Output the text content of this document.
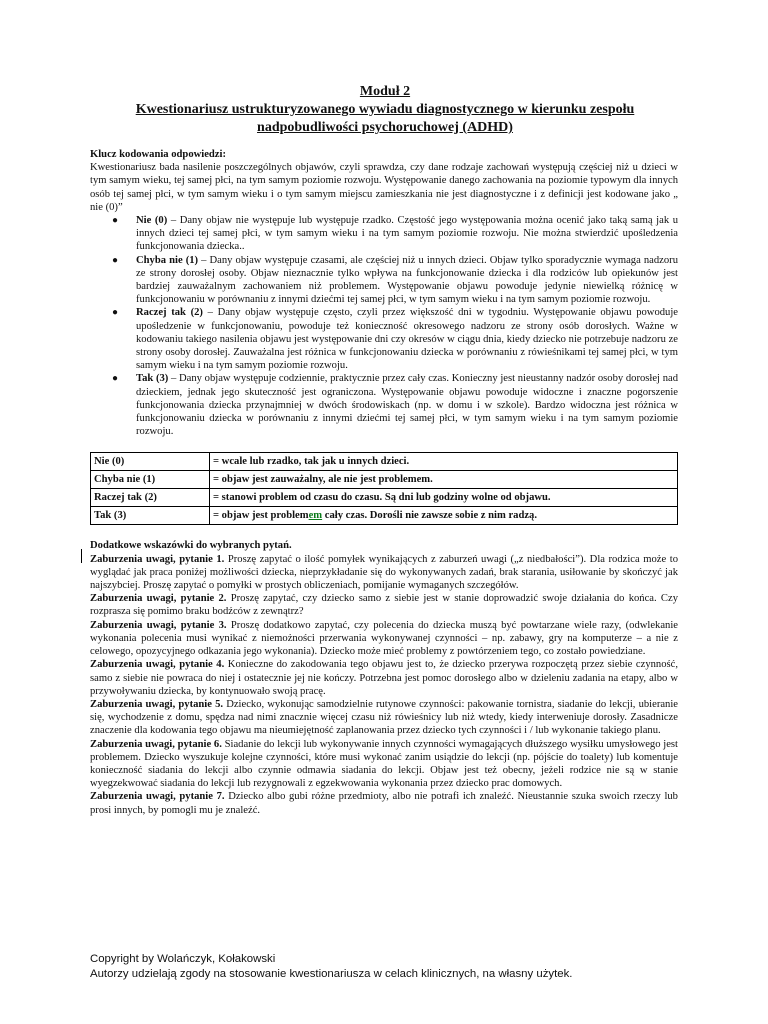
Moduł 2
Kwestionariusz ustrukturyzowanego wywiadu diagnostycznego w kierunku zespołu
nadpobudliwości psychoruchowej (ADHD)
Klucz kodowania odpowiedzi:

Kwestionariusz bada nasilenie poszczególnych objawów, czyli sprawdza, czy dane rodzaje zachowań występują częściej niż u dzieci w tym samym wieku, tej samej płci, na tym samym poziomie rozwoju. Występowanie danego zachowania na poziomie typowym dla innych osób tej samej płci, w tym samym wieku i o tym samym miejscu zamieszkania nie jest diagnostyczne i z definicji jest kodowane jako „ nie (0)”

● Nie (0) – Dany objaw nie występuje lub występuje rzadko. Częstość jego występowania można ocenić jako taką samą jak u innych dzieci tej samej płci, w tym samym wieku i na tym samym poziomie rozwoju. Nie można stwierdzić upośledzenia funkcjonowania dziecka..
● Chyba nie (1) – Dany objaw występuje czasami, ale częściej niż u innych dzieci. Objaw tylko sporadycznie wymaga nadzoru ze strony dorosłej osoby. Objaw nieznacznie tylko wpływa na funkcjonowanie dziecka i dla rodziców lub opiekunów jest bardziej zauważalnym zachowaniem niż problemem. Występowanie objawu powoduje jedynie niewielką różnicę w funkcjonowaniu w porównaniu z innymi dziećmi tej samej płci, w tym samym wieku i na tym samym poziomie rozwoju.
● Raczej tak (2) – Dany objaw występuje często, czyli przez większość dni w tygodniu. Występowanie objawu powoduje upośledzenie w funkcjonowaniu, powoduje też konieczność okresowego nadzoru ze strony osób dorosłych. Ważne w kodowaniu takiego nasilenia objawu jest występowanie dni czy okresów w ciągu dnia, kiedy dziecko nie potrzebuje nadzoru ze strony osoby dorosłej. Zauważalna jest różnica w funkcjonowaniu dziecka w porównaniu z rówieśnikami tej samej płci, w tym samym wieku i na tym samym poziomie rozwoju.
● Tak (3) – Dany objaw występuje codziennie, praktycznie przez cały czas. Konieczny jest nieustanny nadzór osoby dorosłej nad dzieckiem, jednak jego skuteczność jest ograniczona. Występowanie objawu powoduje widoczne i znaczne pogorszenie funkcjonowania dziecka przynajmniej w dwóch środowiskach (np. w domu i w szkole). Bardzo widoczna jest różnica w funkcjonowaniu dziecka w porównaniu z innymi dziećmi tej samej płci, w tym samym wieku i na tym samym poziomie rozwoju.
Nie (0)	= wcale lub rzadko, tak jak u innych dzieci.
Chyba nie (1)	= objaw jest zauważalny, ale nie jest problemem.
Raczej tak (2)	= stanowi problem od czasu do czasu. Są dni lub godziny wolne od objawu.
Tak (3)	= objaw jest problemem cały czas. Dorośli nie zawsze sobie z nim radzą.
Dodatkowe wskazówki do wybranych pytań.

Zaburzenia uwagi, pytanie 1. Proszę zapytać o ilość pomyłek wynikających z zaburzeń uwagi („z niedbałości”). Dla rodzica może to wyglądać jak praca poniżej możliwości dziecka, nieprzykładanie się do wykonywanych zadań, brak starania, usiłowanie by skończyć jak najszybciej. Proszę zapytać o pomyłki w prostych obliczeniach, pomijanie wymaganych szczegółów.

Zaburzenia uwagi, pytanie 2. Proszę zapytać, czy dziecko samo z siebie jest w stanie doprowadzić swoje działania do końca. Czy rozprasza się pomimo braku bodźców z zewnątrz?

Zaburzenia uwagi, pytanie 3. Proszę dodatkowo zapytać, czy polecenia do dziecka muszą być powtarzane wiele razy, (odwlekanie wykonania polecenia musi wynikać z niemożności przerwania wykonywanej czynności – np. zabawy, gry na komputerze – a nie z celowego, opozycyjnego odkazania jego wykonania). Dziecko może mieć problemy z powtórzeniem tego, co zostało powiedziane.

Zaburzenia uwagi, pytanie 4. Konieczne do zakodowania tego objawu jest to, że dziecko przerywa rozpoczętą przez siebie czynność, samo z siebie nie powraca do niej i ostatecznie jej nie kończy. Potrzebna jest pomoc dorosłego albo w dzieleniu zadania na etapy, albo w przywoływaniu dziecka, by kontynuowało swoją pracę.

Zaburzenia uwagi, pytanie 5. Dziecko, wykonując samodzielnie rutynowe czynności: pakowanie tornistra, siadanie do lekcji, ubieranie się, wychodzenie z domu, spędza nad nimi znacznie więcej czasu niż rówieśnicy lub niż wtedy, kiedy interweniuje dorosły. Zasadnicze znaczenie dla kodowania tego objawu ma nieumiejętność zaplanowania przez dziecko tych czynności i / lub wykonanie takiego planu.

Zaburzenia uwagi, pytanie 6. Siadanie do lekcji lub wykonywanie innych czynności wymagających dłuższego wysiłku umysłowego jest problemem. Dziecko wyszukuje kolejne czynności, które musi wykonać zanim usiądzie do lekcji (np. pójście do toalety) lub komentuje konieczność siadania do lekcji albo czynnie odmawia siadania do lekcji. Objaw jest też obecny, jeżeli rodzice nie są w stanie wyegzekwować siadania do lekcji lub rezygnowali z egzekwowania wykonania przez dziecko prac domowych.

Zaburzenia uwagi, pytanie 7. Dziecko albo gubi różne przedmioty, albo nie potrafi ich znaleźć. Nieustannie szuka swoich rzeczy lub prosi innych, by pomogli mu je znaleźć.

Copyright by Wolańczyk, Kołakowski
Autorzy udzielają zgody na stosowanie kwestionariusza w celach klinicznych, na własny użytek.
